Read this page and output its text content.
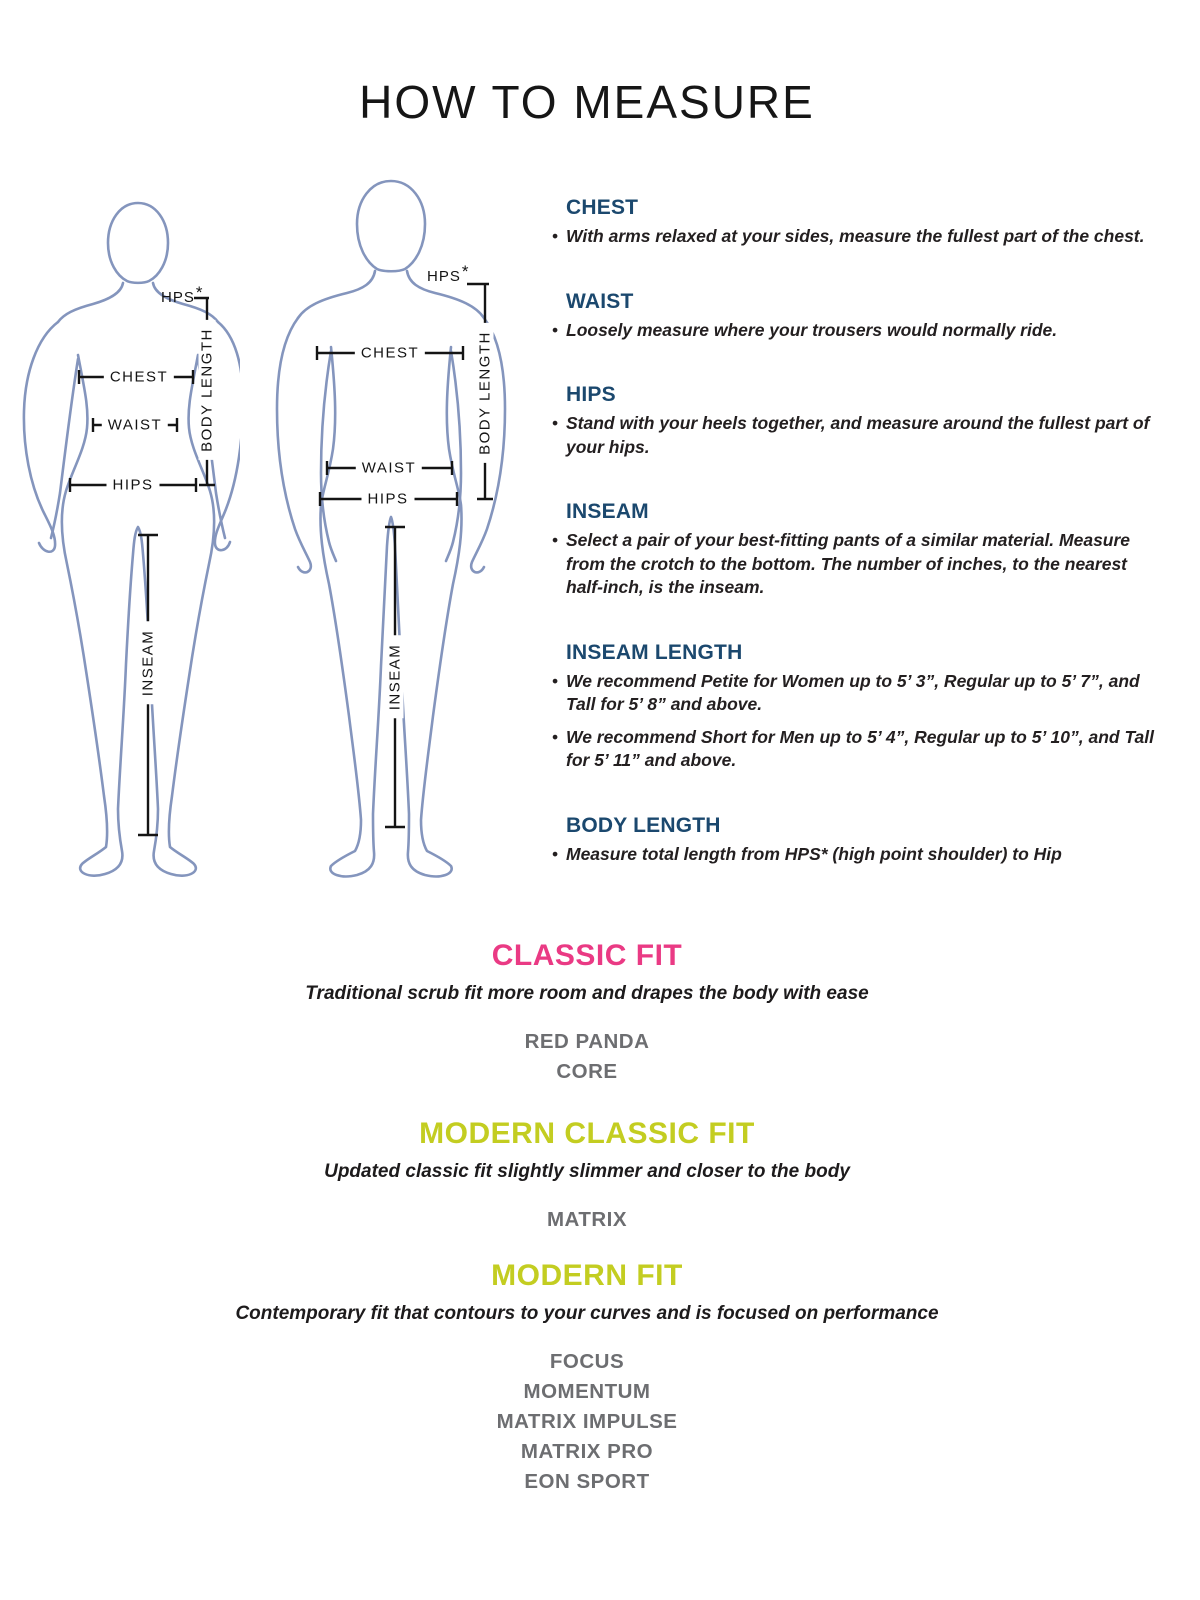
HOW TO MEASURE
HPS*
CHEST
WAIST
HIPS
BODY LENGTH
INSEAM
HPS*
CHEST
WAIST
HIPS
BODY LENGTH
INSEAM
CHEST
• With arms relaxed at your sides, measure the fullest part of the chest.
WAIST
• Loosely measure where your trousers would normally ride.
HIPS
• Stand with your heels together, and measure around the fullest part of your hips.
INSEAM
• Select a pair of your best-fitting pants of a similar material. Measure from the crotch to the bottom. The number of inches, to the nearest half-inch, is the inseam.
INSEAM LENGTH
• We recommend Petite for Women up to 5’ 3”, Regular up to 5’ 7”, and Tall for 5’ 8” and above.
• We recommend Short for Men up to 5’ 4”, Regular up to 5’ 10”, and Tall for 5’ 11” and above.
BODY LENGTH
• Measure total length from HPS* (high point shoulder) to Hip
CLASSIC FIT

Traditional scrub fit more room and drapes the body with ease

RED PANDA
CORE
MODERN CLASSIC FIT

Updated classic fit slightly slimmer and closer to the body

MATRIX
MODERN FIT

Contemporary fit that contours to your curves and is focused on performance

FOCUS
MOMENTUM
MATRIX IMPULSE
MATRIX PRO
EON SPORT
